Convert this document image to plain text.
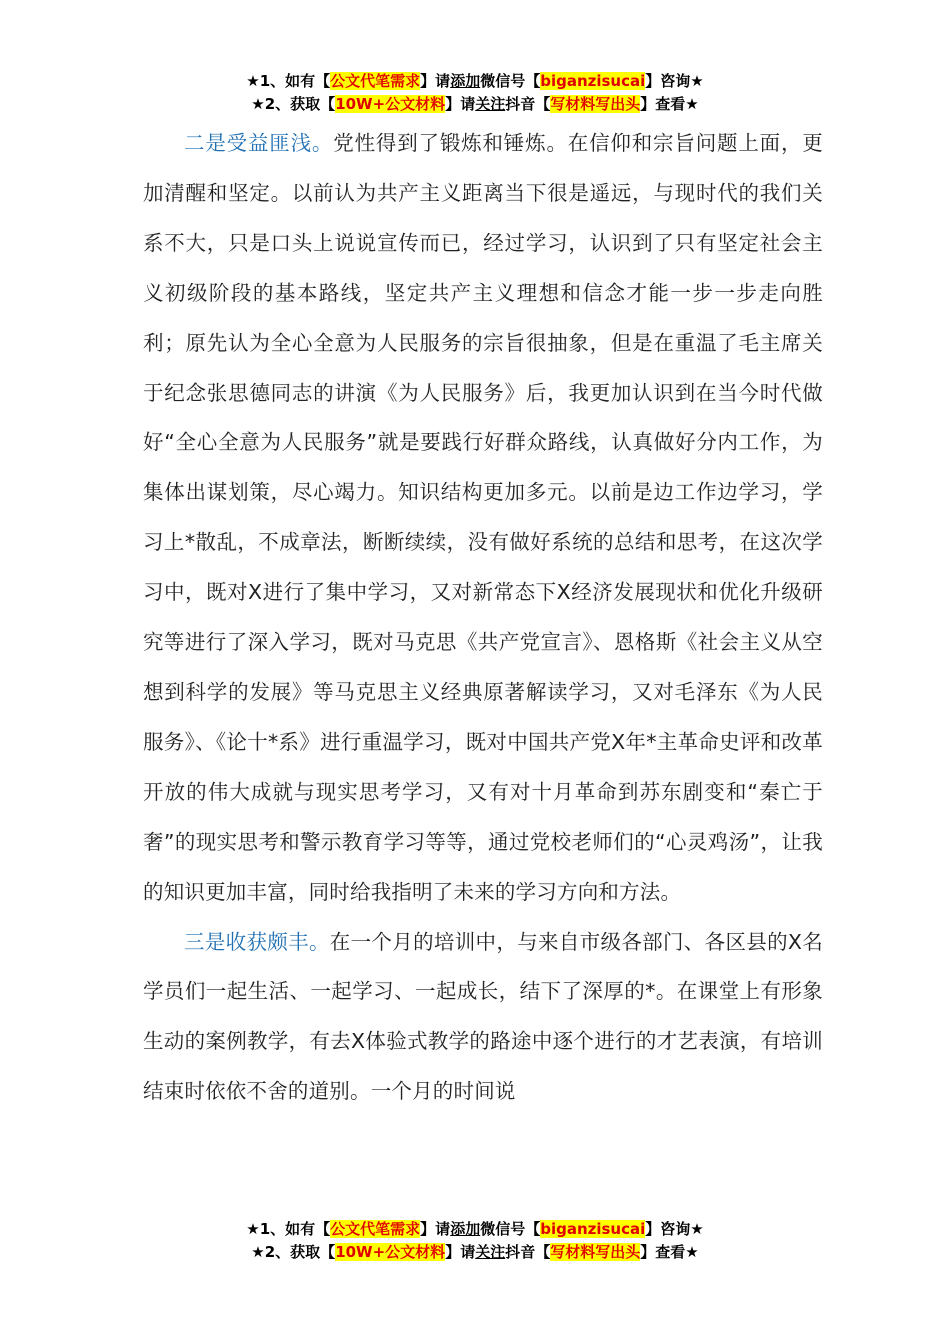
★1、如有【公文代笔需求】请添加微信号【biganzisucai】咨询★
★2、获取【10W+公文材料】请关注抖音【写材料写出头】查看★

二是受益匪浅。党性得到了锻炼和锤炼。在信仰和宗旨问题上面，更加清醒和坚定。以前认为共产主义距离当下很是遥远，与现时代的我们关系不大，只是口头上说说宣传而已，经过学习，认识到了只有坚定社会主义初级阶段的基本路线，坚定共产主义理想和信念才能一步一步走向胜利；原先认为全心全意为人民服务的宗旨很抽象，但是在重温了毛主席关于纪念张思德同志的讲演《为人民服务》后，我更加认识到在当今时代做好“全心全意为人民服务”就是要践行好群众路线，认真做好分内工作，为集体出谋划策，尽心竭力。知识结构更加多元。以前是边工作边学习，学习上*散乱，不成章法，断断续续，没有做好系统的总结和思考，在这次学习中，既对X进行了集中学习，又对新常态下X经济发展现状和优化升级研究等进行了深入学习，既对马克思《共产党宣言》、恩格斯《社会主义从空想到科学的发展》等马克思主义经典原著解读学习，又对毛泽东《为人民服务》、《论十*系》进行重温学习，既对中国共产党X年*主革命史评和改革开放的伟大成就与现实思考学习，又有对十月革命到苏东剧变和“秦亡于奢”的现实思考和警示教育学习等等，通过党校老师们的“心灵鸡汤”，让我的知识更加丰富，同时给我指明了未来的学习方向和方法。

三是收获颇丰。在一个月的培训中，与来自市级各部门、各区县的X名学员们一起生活、一起学习、一起成长，结下了深厚的*。在课堂上有形象生动的案例教学，有去X体验式教学的路途中逐个进行的才艺表演，有培训结束时依依不舍的道别。一个月的时间说

★1、如有【公文代笔需求】请添加微信号【biganzisucai】咨询★
★2、获取【10W+公文材料】请关注抖音【写材料写出头】查看★
